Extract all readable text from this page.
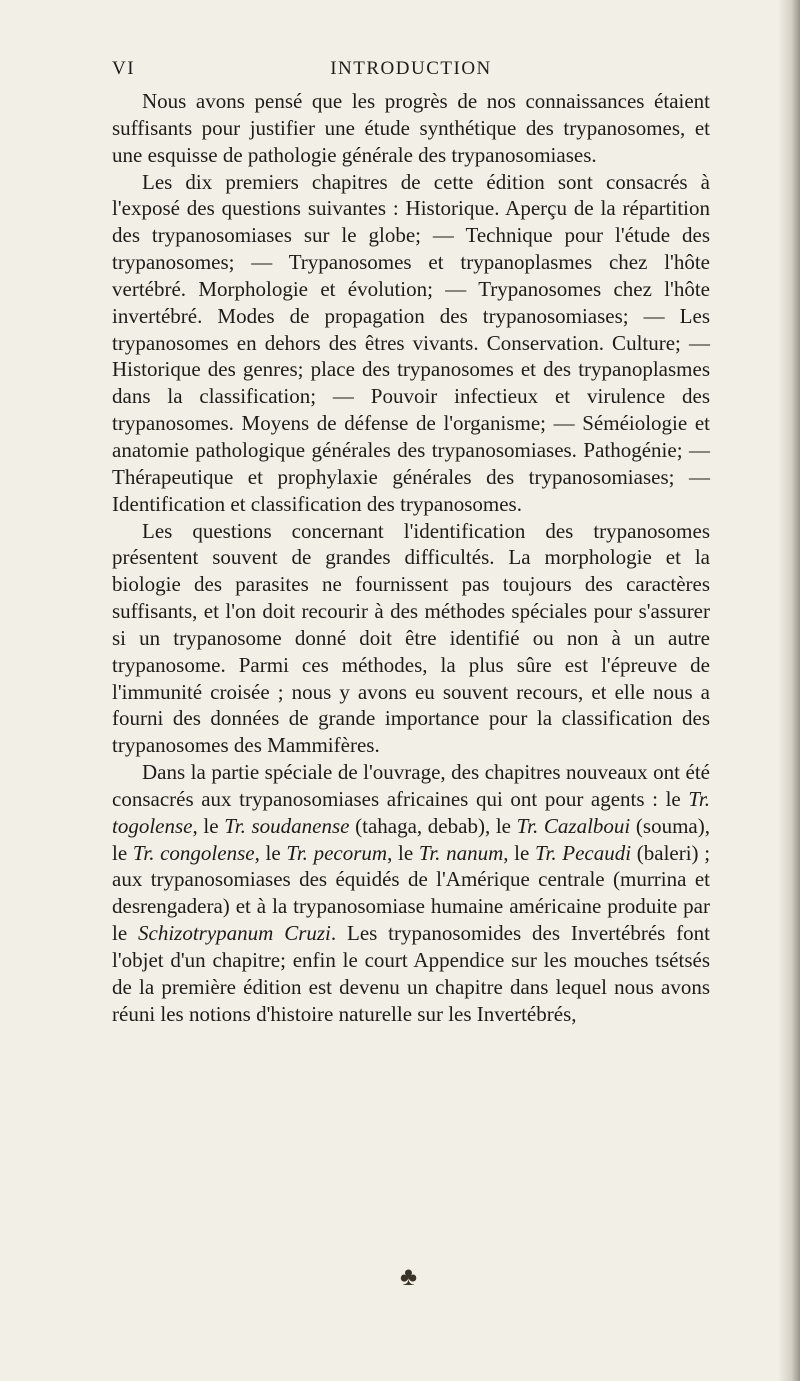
VI	INTRODUCTION

Nous avons pensé que les progrès de nos connaissances étaient suffisants pour justifier une étude synthétique des trypanosomes, et une esquisse de pathologie générale des trypanosomiases.

Les dix premiers chapitres de cette édition sont consacrés à l'exposé des questions suivantes : Historique. Aperçu de la répartition des trypanosomiases sur le globe; — Technique pour l'étude des trypanosomes; — Trypanosomes et trypanoplasmes chez l'hôte vertébré. Morphologie et évolution; — Trypanosomes chez l'hôte invertébré. Modes de propagation des trypanosomiases; — Les trypanosomes en dehors des êtres vivants. Conservation. Culture; — Historique des genres; place des trypanosomes et des trypanoplasmes dans la classification; — Pouvoir infectieux et virulence des trypanosomes. Moyens de défense de l'organisme; — Séméiologie et anatomie pathologique générales des trypanosomiases. Pathogénie; — Thérapeutique et prophylaxie générales des trypanosomiases; — Identification et classification des trypanosomes.

Les questions concernant l'identification des trypanosomes présentent souvent de grandes difficultés. La morphologie et la biologie des parasites ne fournissent pas toujours des caractères suffisants, et l'on doit recourir à des méthodes spéciales pour s'assurer si un trypanosome donné doit être identifié ou non à un autre trypanosome. Parmi ces méthodes, la plus sûre est l'épreuve de l'immunité croisée ; nous y avons eu souvent recours, et elle nous a fourni des données de grande importance pour la classification des trypanosomes des Mammifères.

Dans la partie spéciale de l'ouvrage, des chapitres nouveaux ont été consacrés aux trypanosomiases africaines qui ont pour agents : le Tr. togolense, le Tr. soudanense (tahaga, debab), le Tr. Cazalboui (souma), le Tr. congolense, le Tr. pecorum, le Tr. nanum, le Tr. Pecaudi (baleri) ; aux trypanosomiases des équidés de l'Amérique centrale (murrina et desrengadera) et à la trypanosomiase humaine américaine produite par le Schizotrypanum Cruzi. Les trypanosomides des Invertébrés font l'objet d'un chapitre; enfin le court Appendice sur les mouches tsétsés de la première édition est devenu un chapitre dans lequel nous avons réuni les notions d'histoire naturelle sur les Invertébrés,

♣
